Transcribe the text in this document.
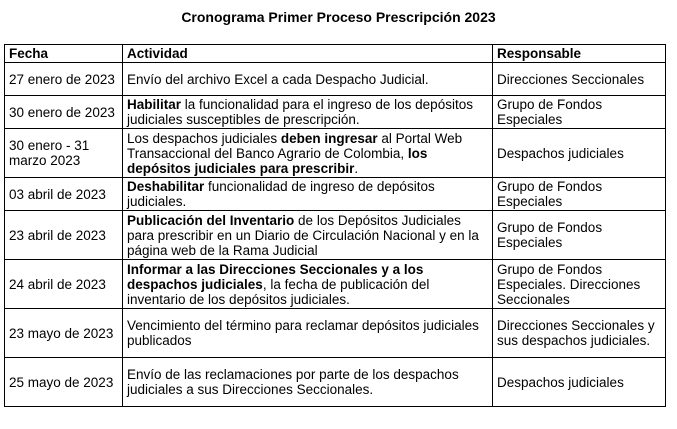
Cronograma Primer Proceso Prescripción 2023
Fecha	Actividad	Responsable
27 enero de 2023	Envío del archivo Excel a cada Despacho Judicial.	Direcciones Seccionales
30 enero de 2023	Habilitar la funcionalidad para el ingreso de los depósitos judiciales susceptibles de prescripción.	Grupo de Fondos Especiales
30 enero - 31 marzo 2023	Los despachos judiciales deben ingresar al Portal Web Transaccional del Banco Agrario de Colombia, los depósitos judiciales para prescribir.	Despachos judiciales
03 abril de 2023	Deshabilitar funcionalidad de ingreso de depósitos judiciales.	Grupo de Fondos Especiales
23 abril de 2023	Publicación del Inventario de los Depósitos Judiciales para prescribir en un Diario de Circulación Nacional y en la página web de la Rama Judicial	Grupo de Fondos Especiales
24 abril de 2023	Informar a las Direcciones Seccionales y a los despachos judiciales, la fecha de publicación del inventario de los depósitos judiciales.	Grupo de Fondos Especiales. Direcciones Seccionales
23 mayo de 2023	Vencimiento del término para reclamar depósitos judiciales publicados	Direcciones Seccionales y sus despachos judiciales.
25 mayo de 2023	Envío de las reclamaciones por parte de los despachos judiciales a sus Direcciones Seccionales.	Despachos judiciales
